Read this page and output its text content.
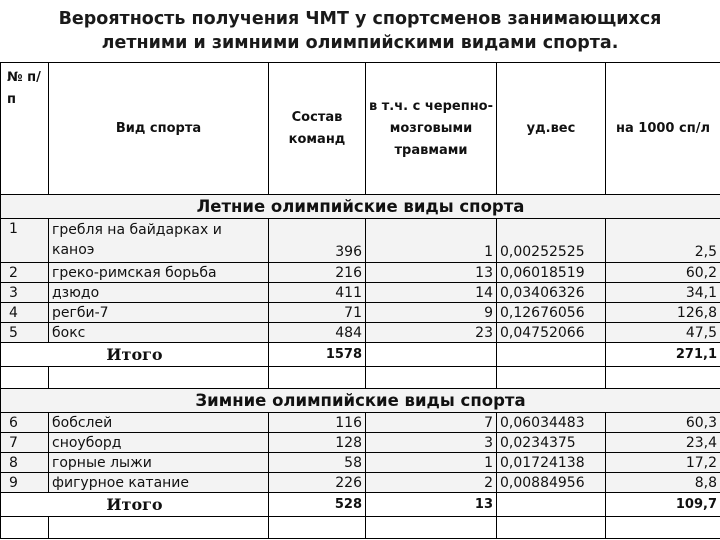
Вероятность получения ЧМТ у спортсменов занимающихся
летними и зимними олимпийскими видами спорта.
№ п/п	Вид спорта	Состав команд	в т.ч. с черепно-мозговыми травмами	уд.вес	на 1000 сп/л
Летние олимпийские виды спорта					
1	гребля на байдарках и каноэ	396	1	0,00252525	2,5
2	греко-римская борьба	216	13	0,06018519	60,2
3	дзюдо	411	14	0,03406326	34,1
4	регби-7	71	9	0,12676056	126,8
5	бокс	484	23	0,04752066	47,5
Итого		1578			271,1

Зимние олимпийские виды спорта					
6	бобслей	116	7	0,06034483	60,3
7	сноуборд	128	3	0,0234375	23,4
8	горные лыжи	58	1	0,01724138	17,2
9	фигурное катание	226	2	0,00884956	8,8
Итого		528	13		109,7
